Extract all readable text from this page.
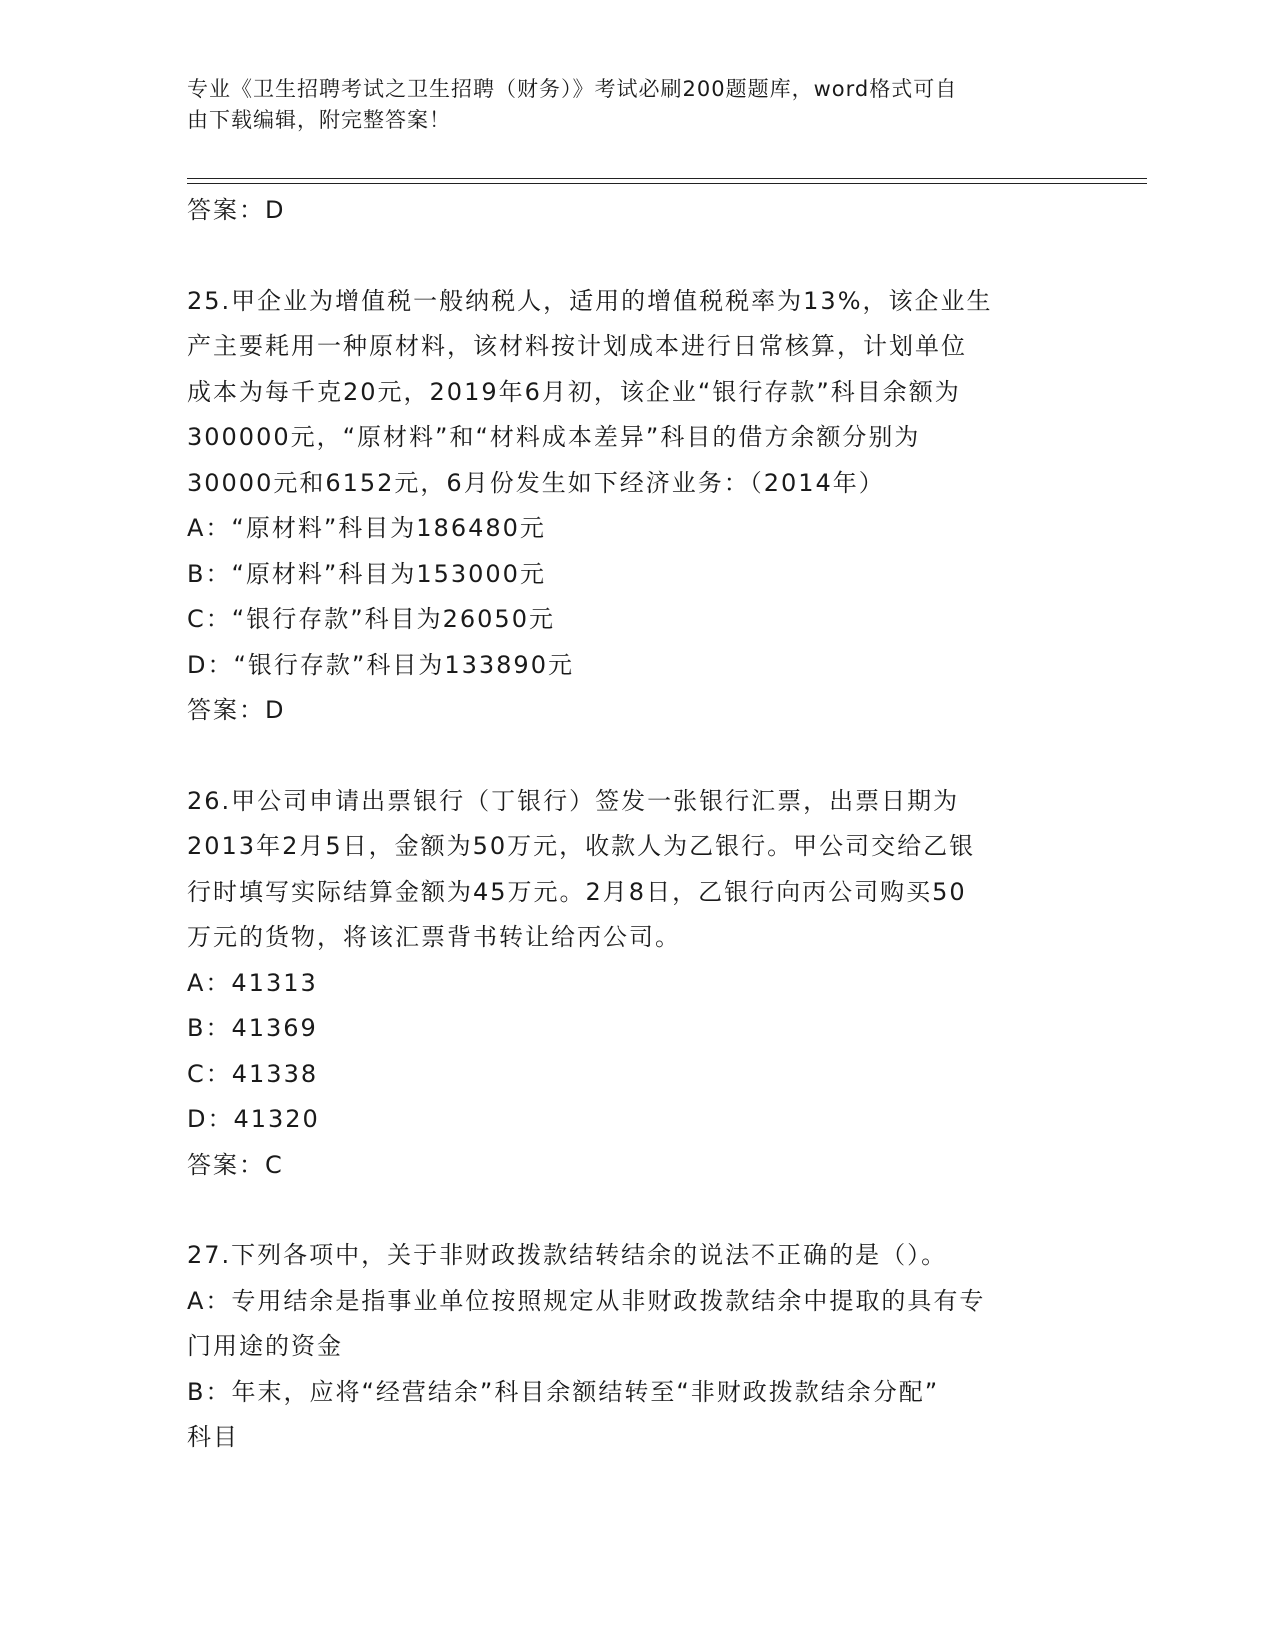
专业《卫生招聘考试之卫生招聘（财务）》考试必刷200题题库，word格式可自
由下载编辑，附完整答案！
答案：D
25.甲企业为增值税一般纳税人，适用的增值税税率为13%，该企业生
产主要耗用一种原材料，该材料按计划成本进行日常核算，计划单位
成本为每千克20元，2019年6月初，该企业“银行存款”科目余额为
300000元，“原材料”和“材料成本差异”科目的借方余额分别为
30000元和6152元，6月份发生如下经济业务：（2014年）
A：“原材料”科目为186480元
B：“原材料”科目为153000元
C：“银行存款”科目为26050元
D：“银行存款”科目为133890元
答案：D
26.甲公司申请出票银行（丁银行）签发一张银行汇票，出票日期为
2013年2月5日，金额为50万元，收款人为乙银行。甲公司交给乙银
行时填写实际结算金额为45万元。2月8日，乙银行向丙公司购买50
万元的货物，将该汇票背书转让给丙公司。
A：41313
B：41369
C：41338
D：41320
答案：C
27.下列各项中，关于非财政拨款结转结余的说法不正确的是（）。
A：专用结余是指事业单位按照规定从非财政拨款结余中提取的具有专
门用途的资金
B：年末，应将“经营结余”科目余额结转至“非财政拨款结余分配”
科目
